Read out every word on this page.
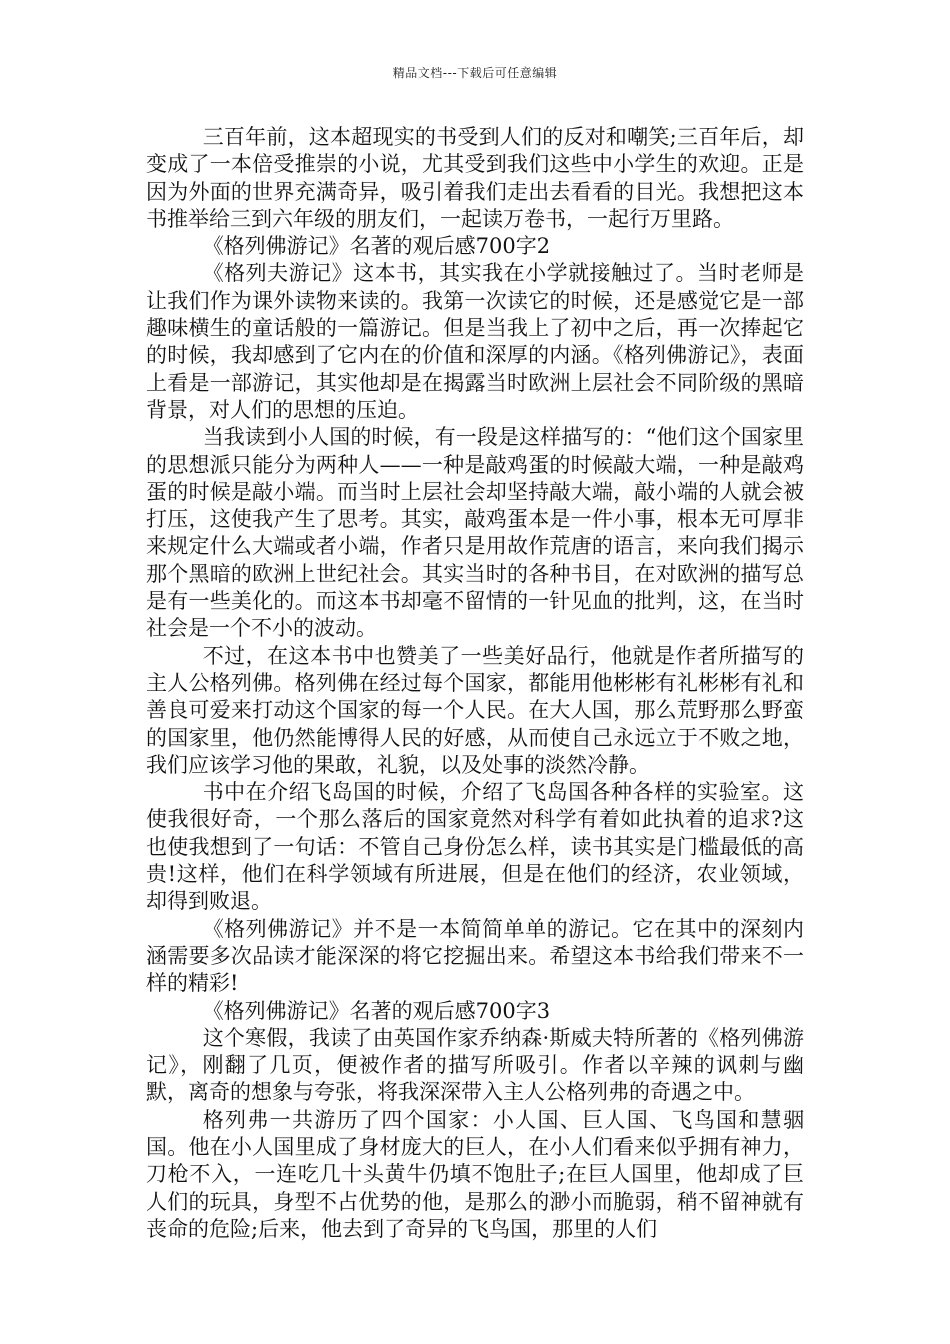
精品文档---下载后可任意编辑

三百年前，这本超现实的书受到人们的反对和嘲笑;三百年后，却变成了一本倍受推崇的小说，尤其受到我们这些中小学生的欢迎。正是因为外面的世界充满奇异，吸引着我们走出去看看的目光。我想把这本书推举给三到六年级的朋友们，一起读万卷书，一起行万里路。

《格列佛游记》名著的观后感700字2

《格列夫游记》这本书，其实我在小学就接触过了。当时老师是让我们作为课外读物来读的。我第一次读它的时候，还是感觉它是一部趣味横生的童话般的一篇游记。但是当我上了初中之后，再一次捧起它的时候，我却感到了它内在的价值和深厚的内涵。《格列佛游记》，表面上看是一部游记，其实他却是在揭露当时欧洲上层社会不同阶级的黑暗背景，对人们的思想的压迫。

当我读到小人国的时候，有一段是这样描写的：“他们这个国家里的思想派只能分为两种人——一种是敲鸡蛋的时候敲大端，一种是敲鸡蛋的时候是敲小端。而当时上层社会却坚持敲大端，敲小端的人就会被打压，这使我产生了思考。其实，敲鸡蛋本是一件小事，根本无可厚非来规定什么大端或者小端，作者只是用故作荒唐的语言，来向我们揭示那个黑暗的欧洲上世纪社会。其实当时的各种书目，在对欧洲的描写总是有一些美化的。而这本书却毫不留情的一针见血的批判，这，在当时社会是一个不小的波动。

不过，在这本书中也赞美了一些美好品行，他就是作者所描写的主人公格列佛。格列佛在经过每个国家，都能用他彬彬有礼彬彬有礼和善良可爱来打动这个国家的每一个人民。在大人国，那么荒野那么野蛮的国家里，他仍然能博得人民的好感，从而使自己永远立于不败之地，我们应该学习他的果敢，礼貌，以及处事的淡然冷静。

书中在介绍飞岛国的时候，介绍了飞岛国各种各样的实验室。这使我很好奇，一个那么落后的国家竟然对科学有着如此执着的追求?这也使我想到了一句话：不管自己身份怎么样，读书其实是门槛最低的高贵!这样，他们在科学领域有所进展，但是在他们的经济，农业领域，却得到败退。

《格列佛游记》并不是一本简简单单的游记。它在其中的深刻内涵需要多次品读才能深深的将它挖掘出来。希望这本书给我们带来不一样的精彩!

《格列佛游记》名著的观后感700字3

这个寒假，我读了由英国作家乔纳森·斯威夫特所著的《格列佛游记》，刚翻了几页，便被作者的描写所吸引。作者以辛辣的讽刺与幽默，离奇的想象与夸张，将我深深带入主人公格列弗的奇遇之中。

格列弗一共游历了四个国家：小人国、巨人国、飞鸟国和慧骃国。他在小人国里成了身材庞大的巨人，在小人们看来似乎拥有神力，刀枪不入，一连吃几十头黄牛仍填不饱肚子;在巨人国里，他却成了巨人们的玩具，身型不占优势的他，是那么的渺小而脆弱，稍不留神就有丧命的危险;后来，他去到了奇异的飞鸟国，那里的人们
